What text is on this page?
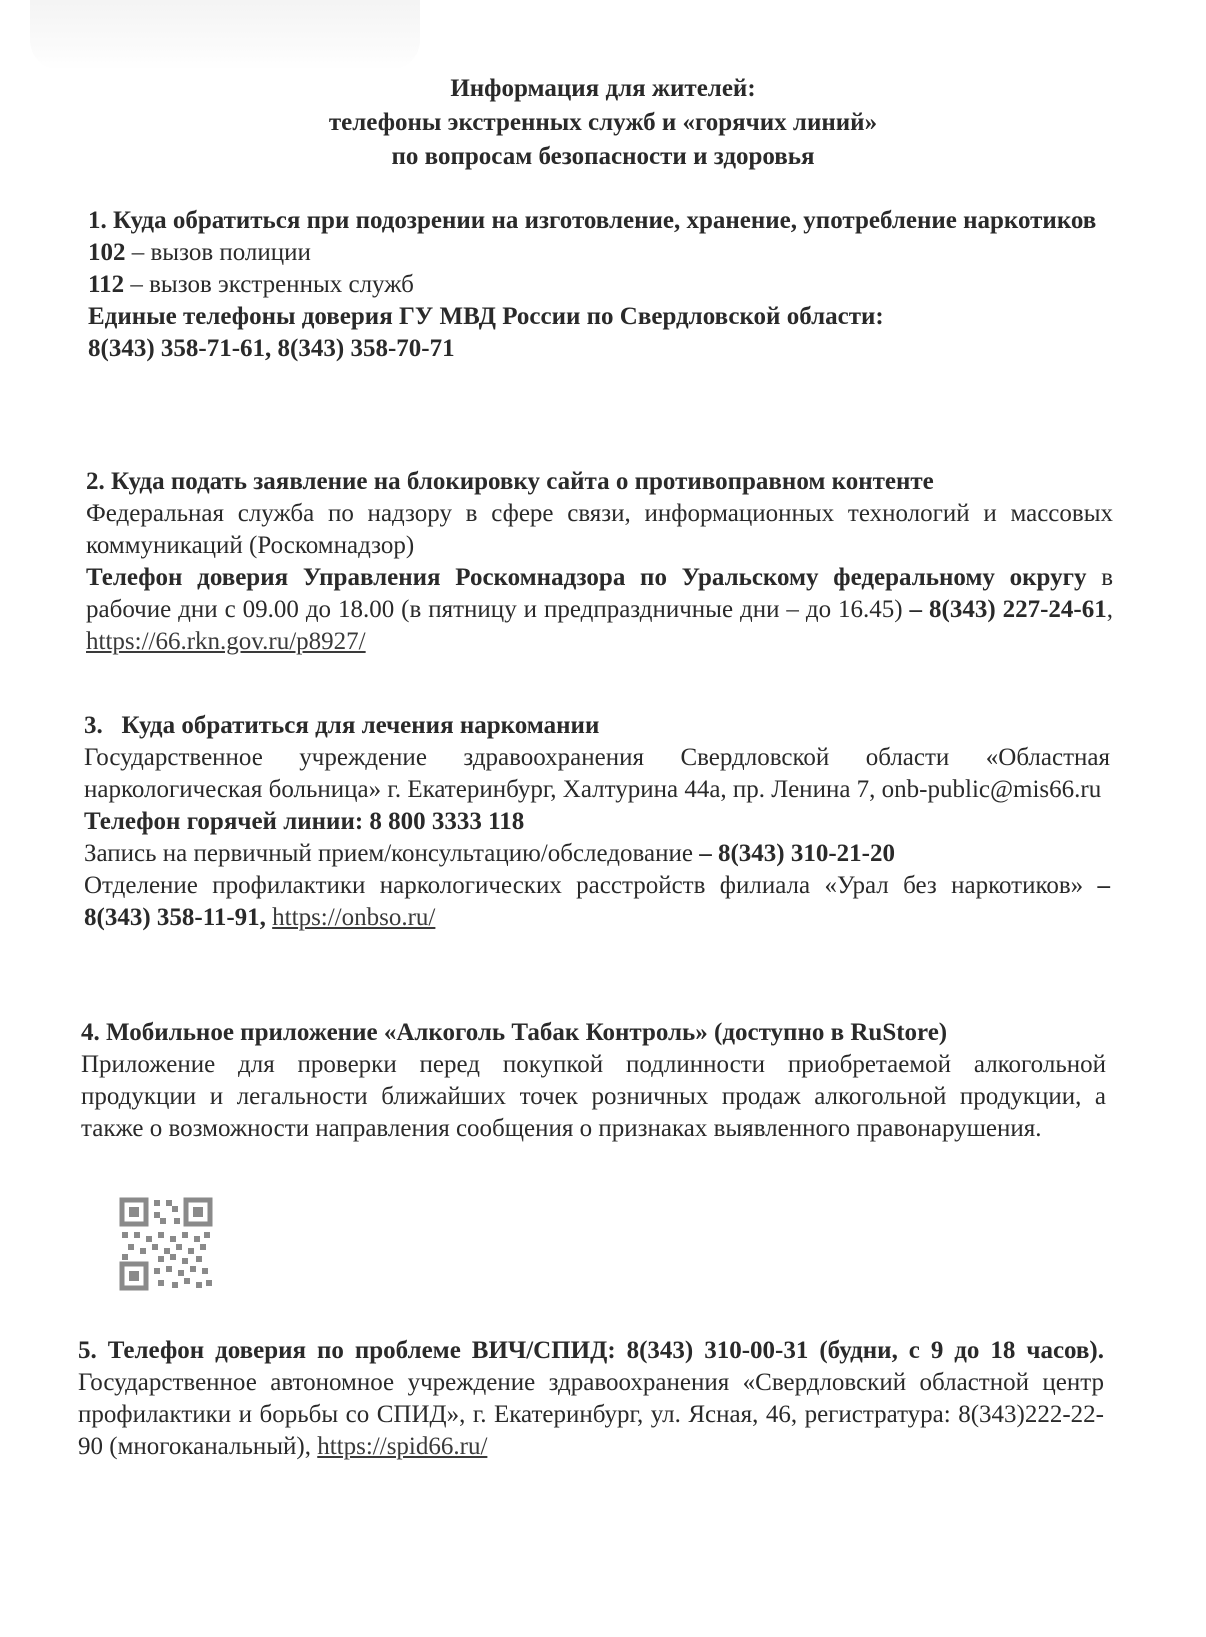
Информация для жителей:
телефоны экстренных служб и «горячих линий»
по вопросам безопасности и здоровья
1. Куда обратиться при подозрении на изготовление, хранение, употребление наркотиков
102 – вызов полиции
112 – вызов экстренных служб
Единые телефоны доверия ГУ МВД России по Свердловской области:
8(343) 358-71-61, 8(343) 358-70-71
2. Куда подать заявление на блокировку сайта о противоправном контенте
Федеральная служба по надзору в сфере связи, информационных технологий и массовых коммуникаций (Роскомнадзор)
Телефон доверия Управления Роскомнадзора по Уральскому федеральному округу в рабочие дни с 09.00 до 18.00 (в пятницу и предпраздничные дни – до 16.45) – 8(343) 227-24-61, https://66.rkn.gov.ru/p8927/
3.   Куда обратиться для лечения наркомании
Государственное учреждение здравоохранения Свердловской области «Областная наркологическая больница» г. Екатеринбург, Халтурина 44а, пр. Ленина 7, onb-public@mis66.ru
Телефон горячей линии: 8 800 3333 118
Запись на первичный прием/консультацию/обследование – 8(343) 310-21-20
Отделение профилактики наркологических расстройств филиала «Урал без наркотиков» – 8(343) 358-11-91, https://onbso.ru/
4. Мобильное приложение «Алкоголь Табак Контроль» (доступно в RuStore)
Приложение для проверки перед покупкой подлинности приобретаемой алкогольной продукции и легальности ближайших точек розничных продаж алкогольной продукции, а также о возможности направления сообщения о признаках выявленного правонарушения.
5. Телефон доверия по проблеме ВИЧ/СПИД: 8(343) 310-00-31 (будни, с 9 до 18 часов). Государственное автономное учреждение здравоохранения «Свердловский областной центр профилактики и борьбы со СПИД», г. Екатеринбург, ул. Ясная, 46, регистратура: 8(343)222-22-90 (многоканальный), https://spid66.ru/
